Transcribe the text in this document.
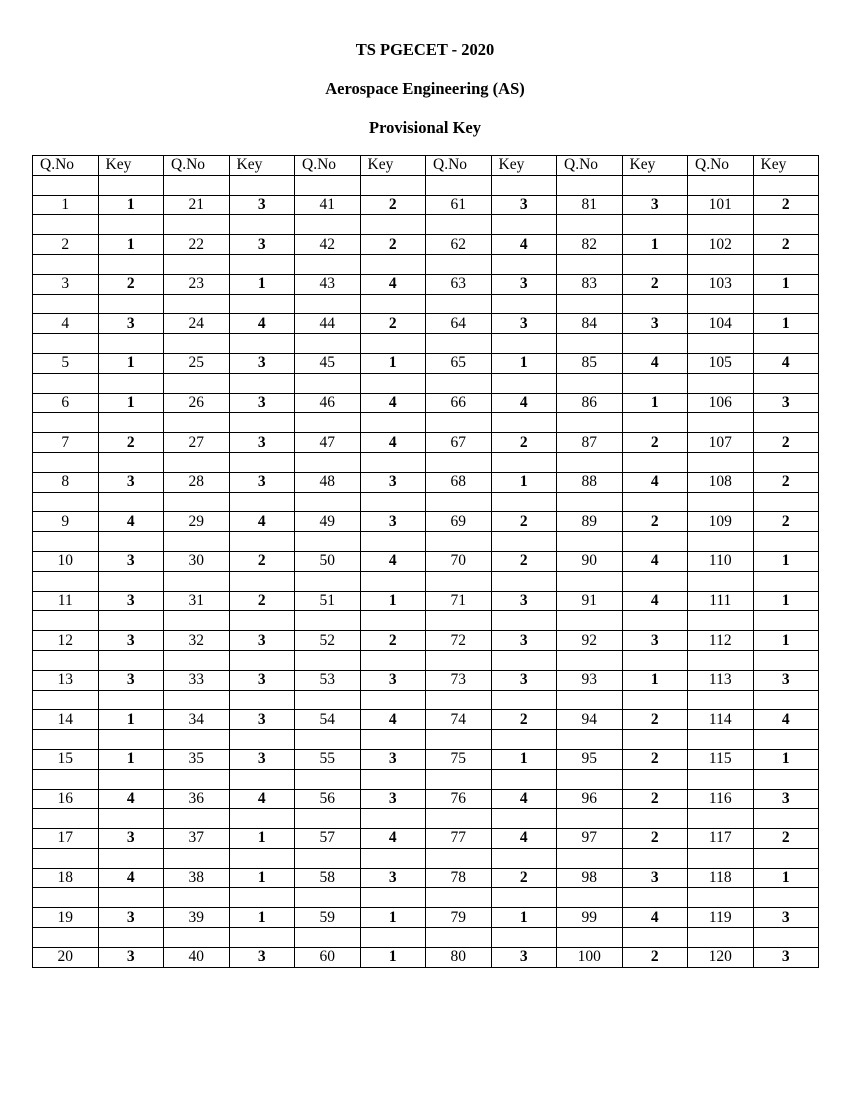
TS PGECET - 2020
Aerospace Engineering (AS)
Provisional Key
Q.No	Key	Q.No	Key	Q.No	Key	Q.No	Key	Q.No	Key	Q.No	Key

1	1	21	3	41	2	61	3	81	3	101	2

2	1	22	3	42	2	62	4	82	1	102	2

3	2	23	1	43	4	63	3	83	2	103	1

4	3	24	4	44	2	64	3	84	3	104	1

5	1	25	3	45	1	65	1	85	4	105	4

6	1	26	3	46	4	66	4	86	1	106	3

7	2	27	3	47	4	67	2	87	2	107	2

8	3	28	3	48	3	68	1	88	4	108	2

9	4	29	4	49	3	69	2	89	2	109	2

10	3	30	2	50	4	70	2	90	4	110	1

11	3	31	2	51	1	71	3	91	4	111	1

12	3	32	3	52	2	72	3	92	3	112	1

13	3	33	3	53	3	73	3	93	1	113	3

14	1	34	3	54	4	74	2	94	2	114	4

15	1	35	3	55	3	75	1	95	2	115	1

16	4	36	4	56	3	76	4	96	2	116	3

17	3	37	1	57	4	77	4	97	2	117	2

18	4	38	1	58	3	78	2	98	3	118	1

19	3	39	1	59	1	79	1	99	4	119	3

20	3	40	3	60	1	80	3	100	2	120	3
